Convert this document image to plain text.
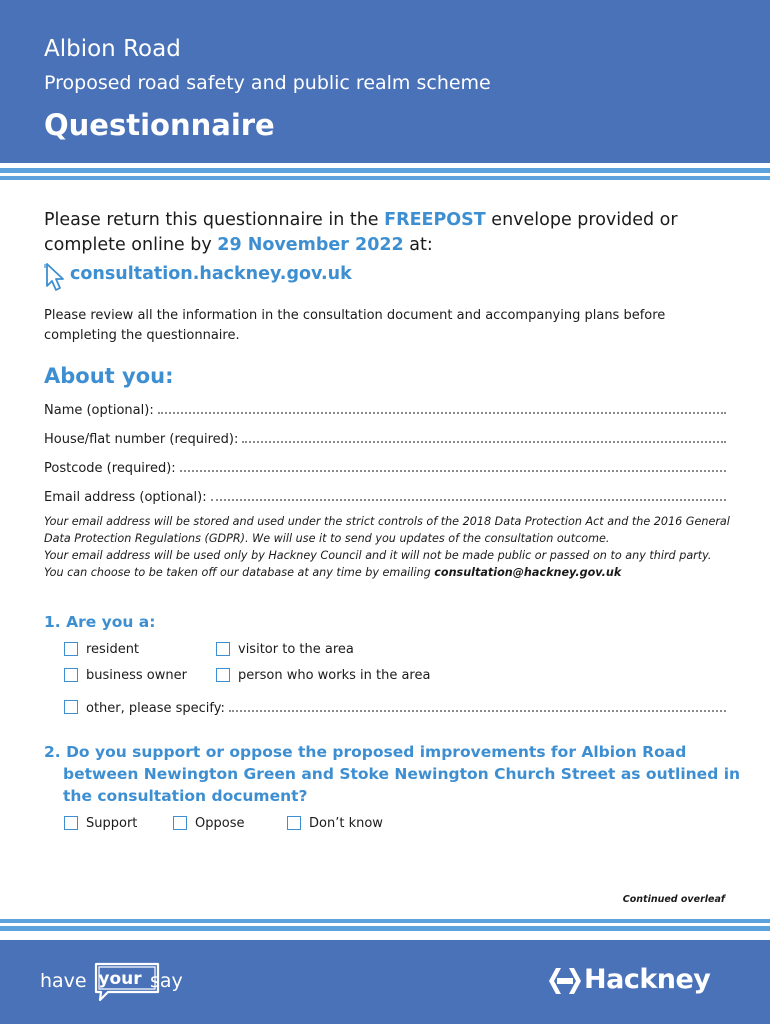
Albion Road
Proposed road safety and public realm scheme
Questionnaire
Please return this questionnaire in the FREEPOST envelope provided or complete online by 29 November 2022 at:
consultation.hackney.gov.uk
Please review all the information in the consultation document and accompanying plans before completing the questionnaire.
About you:
Name (optional):
House/flat number (required):
Postcode (required):
Email address (optional):
Your email address will be stored and used under the strict controls of the 2018 Data Protection Act and the 2016 General Data Protection Regulations (GDPR). We will use it to send you updates of the consultation outcome.
Your email address will be used only by Hackney Council and it will not be made public or passed on to any third party.
You can choose to be taken off our database at any time by emailing consultation@hackney.gov.uk
1. Are you a:
resident	visitor to the area
business owner	person who works in the area
other, please specify:
2. Do you support or oppose the proposed improvements for Albion Road between Newington Green and Stoke Newington Church Street as outlined in the consultation document?
Support	Oppose	Don’t know
Continued overleaf
have your say	Hackney
